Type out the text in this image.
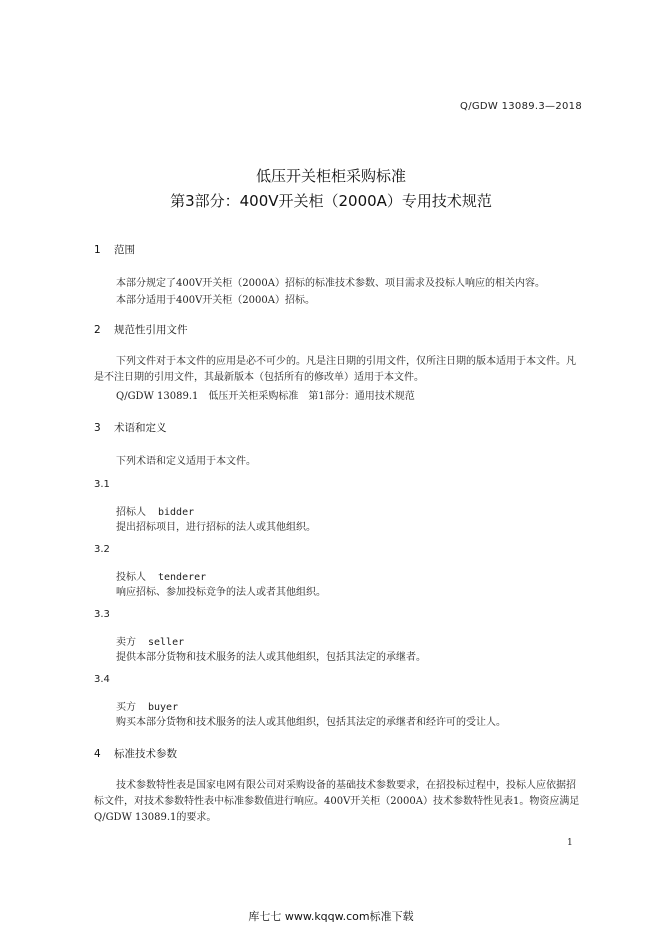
Q/GDW 13089.3—2018
低压开关柜柜采购标准
第3部分：400V开关柜（2000A）专用技术规范
1 范围
本部分规定了400V开关柜（2000A）招标的标准技术参数、项目需求及投标人响应的相关内容。
本部分适用于400V开关柜（2000A）招标。
2 规范性引用文件
下列文件对于本文件的应用是必不可少的。凡是注日期的引用文件，仅所注日期的版本适用于本文件。凡是不注日期的引用文件，其最新版本（包括所有的修改单）适用于本文件。
Q/GDW 13089.1　低压开关柜采购标准　第1部分：通用技术规范
3 术语和定义
下列术语和定义适用于本文件。
3.1
招标人 bidder
提出招标项目，进行招标的法人或其他组织。
3.2
投标人 tenderer
响应招标、参加投标竞争的法人或者其他组织。
3.3
卖方 seller
提供本部分货物和技术服务的法人或其他组织，包括其法定的承继者。
3.4
买方 buyer
购买本部分货物和技术服务的法人或其他组织，包括其法定的承继者和经许可的受让人。
4 标准技术参数
技术参数特性表是国家电网有限公司对采购设备的基础技术参数要求，在招投标过程中，投标人应依据招标文件，对技术参数特性表中标准参数值进行响应。400V开关柜（2000A）技术参数特性见表1。物资应满足Q/GDW 13089.1的要求。
1
库七七 www.kqqw.com标准下载
